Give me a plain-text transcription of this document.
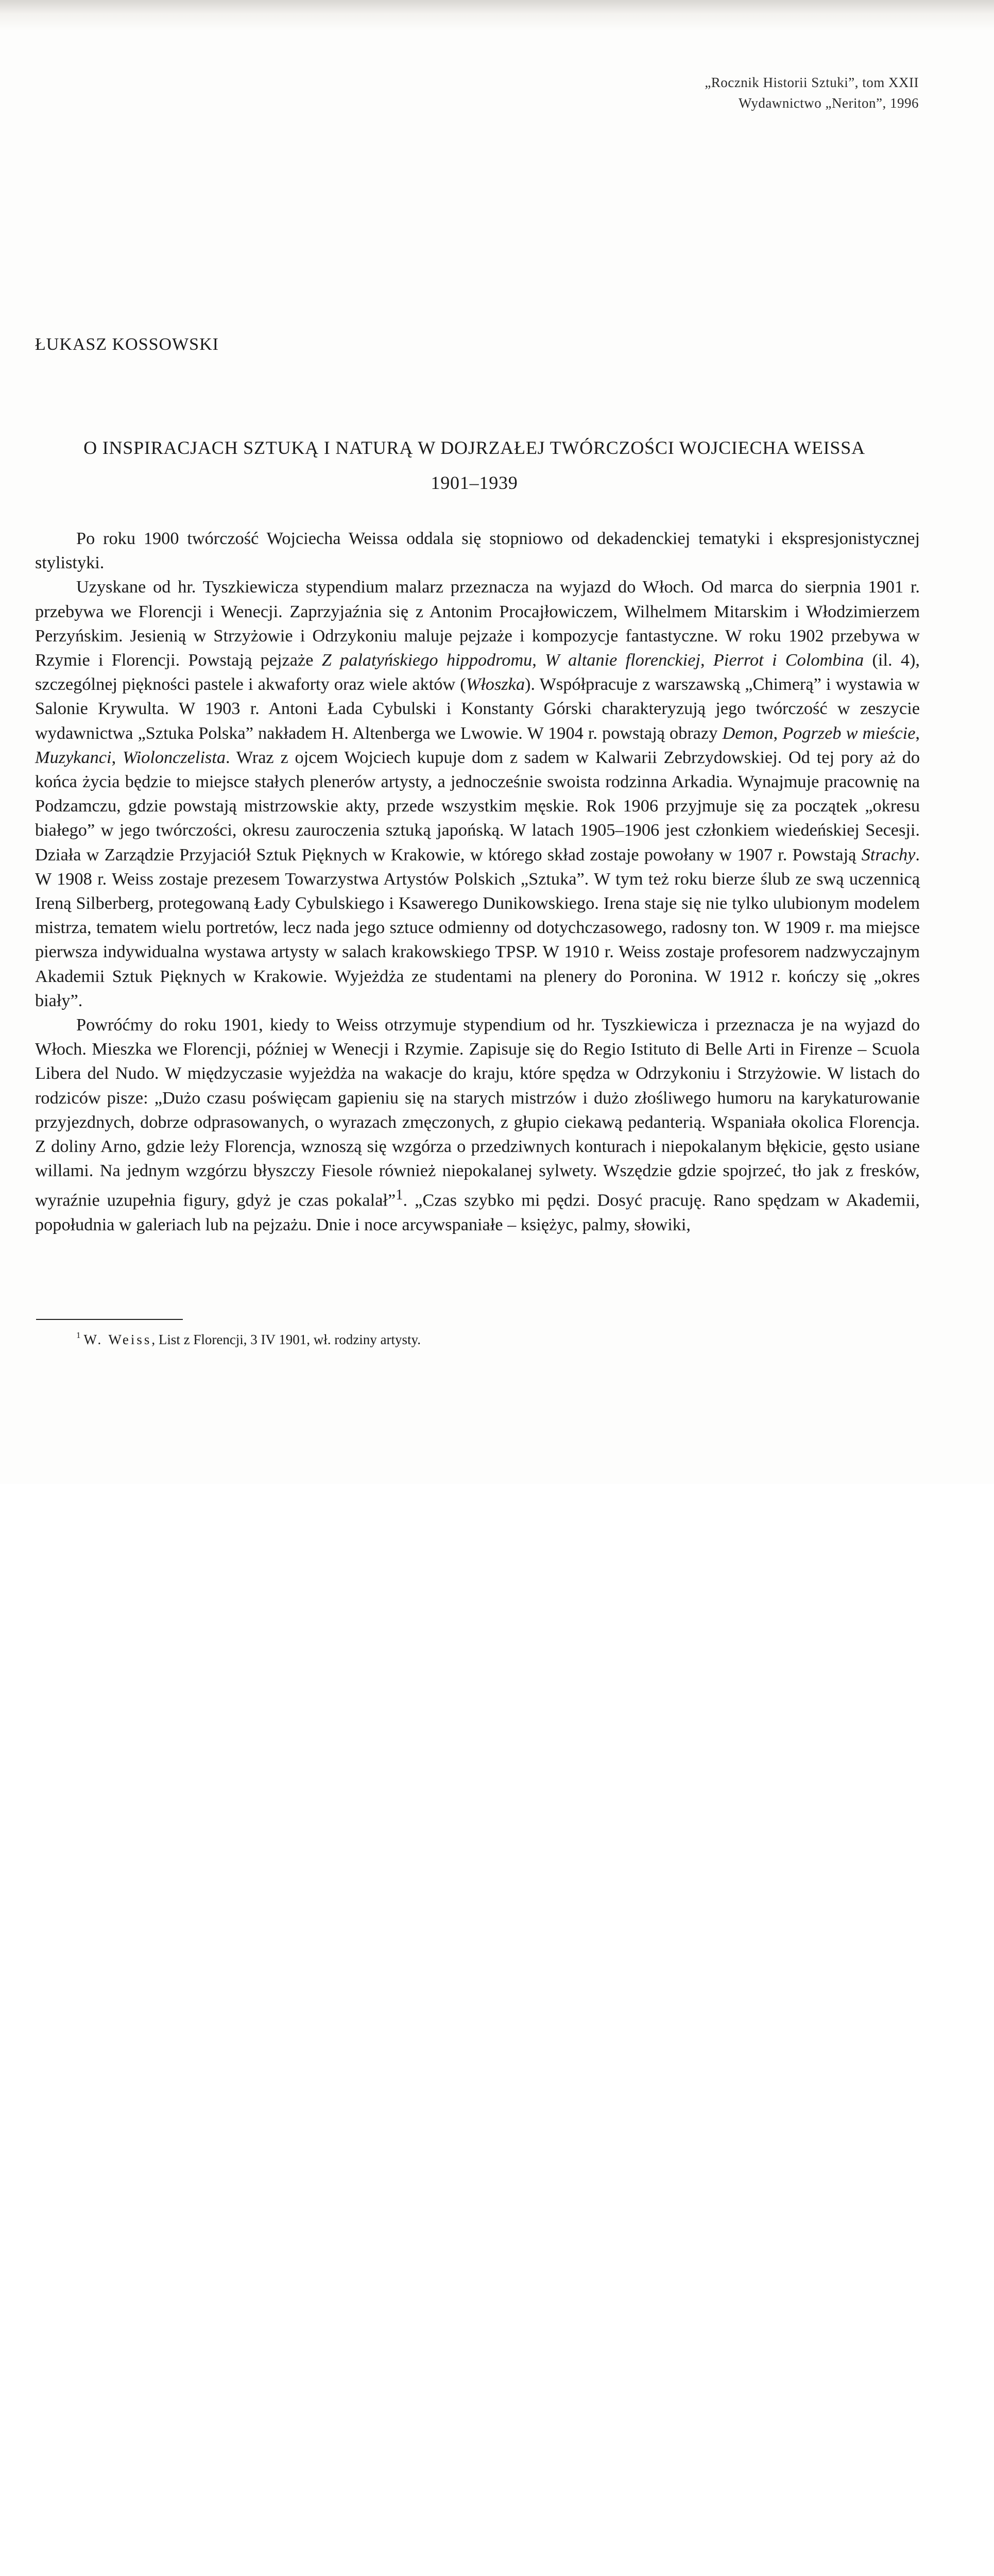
„Rocznik Historii Sztuki”, tom XXII
Wydawnictwo „Neriton”, 1996
ŁUKASZ KOSSOWSKI
O INSPIRACJACH SZTUKĄ I NATURĄ W DOJRZAŁEJ TWÓRCZOŚCI WOJCIECHA WEISSA
1901–1939

Po roku 1900 twórczość Wojciecha Weissa oddala się stopniowo od dekadenckiej tematyki i ekspresjonistycznej stylistyki.

Uzyskane od hr. Tyszkiewicza stypendium malarz przeznacza na wyjazd do Włoch. Od marca do sierpnia 1901 r. przebywa we Florencji i Wenecji. Zaprzyjaźnia się z Antonim Procajłowiczem, Wilhelmem Mitarskim i Włodzimierzem Perzyńskim. Jesienią w Strzyżowie i Odrzykoniu maluje pejzaże i kompozycje fantastyczne. W roku 1902 przebywa w Rzymie i Florencji. Powstają pejzaże Z palatyńskiego hippodromu, W altanie florenckiej, Pierrot i Colombina (il. 4), szczególnej piękności pastele i akwaforty oraz wiele aktów (Włoszka). Współpracuje z warszawską „Chimerą” i wystawia w Salonie Krywulta. W 1903 r. Antoni Łada Cybulski i Konstanty Górski charakteryzują jego twórczość w zeszycie wydawnictwa „Sztuka Polska” nakładem H. Altenberga we Lwowie. W 1904 r. powstają obrazy Demon, Pogrzeb w mieście, Muzykanci, Wiolonczelista. Wraz z ojcem Wojciech kupuje dom z sadem w Kalwarii Zebrzydowskiej. Od tej pory aż do końca życia będzie to miejsce stałych plenerów artysty, a jednocześnie swoista rodzinna Arkadia. Wynajmuje pracownię na Podzamczu, gdzie powstają mistrzowskie akty, przede wszystkim męskie. Rok 1906 przyjmuje się za początek „okresu białego” w jego twórczości, okresu zauroczenia sztuką japońską. W latach 1905–1906 jest członkiem wiedeńskiej Secesji. Działa w Zarządzie Przyjaciół Sztuk Pięknych w Krakowie, w którego skład zostaje powołany w 1907 r. Powstają Strachy. W 1908 r. Weiss zostaje prezesem Towarzystwa Artystów Polskich „Sztuka”. W tym też roku bierze ślub ze swą uczennicą Ireną Silberberg, protegowaną Łady Cybulskiego i Ksawerego Dunikowskiego. Irena staje się nie tylko ulubionym modelem mistrza, tematem wielu portretów, lecz nada jego sztuce odmienny od dotychczasowego, radosny ton. W 1909 r. ma miejsce pierwsza indywidualna wystawa artysty w salach krakowskiego TPSP. W 1910 r. Weiss zostaje profesorem nadzwyczajnym Akademii Sztuk Pięknych w Krakowie. Wyjeżdża ze studentami na plenery do Poronina. W 1912 r. kończy się „okres biały”.

Powróćmy do roku 1901, kiedy to Weiss otrzymuje stypendium od hr. Tyszkiewicza i przeznacza je na wyjazd do Włoch. Mieszka we Florencji, później w Wenecji i Rzymie. Zapisuje się do Regio Istituto di Belle Arti in Firenze – Scuola Libera del Nudo. W międzyczasie wyjeżdża na wakacje do kraju, które spędza w Odrzykoniu i Strzyżowie. W listach do rodziców pisze: „Dużo czasu poświęcam gapieniu się na starych mistrzów i dużo złośliwego humoru na karykaturowanie przyjezdnych, dobrze odprasowanych, o wyrazach zmęczonych, z głupio ciekawą pedanterią. Wspaniała okolica Florencja. Z doliny Arno, gdzie leży Florencja, wznoszą się wzgórza o przedziwnych konturach i niepokalanym błękicie, gęsto usiane willami. Na jednym wzgórzu błyszczy Fiesole również niepokalanej sylwety. Wszędzie gdzie spojrzeć, tło jak z fresków, wyraźnie uzupełnia figury, gdyż je czas pokalał”$^1$. „Czas szybko mi pędzi. Dosyć pracuję. Rano spędzam w Akademii, popołudnia w galeriach lub na pejzażu. Dnie i noce arcywspaniałe – księżyc, palmy, słowiki,

$^1$ W. Weiss, List z Florencji, 3 IV 1901, wł. rodziny artysty.
